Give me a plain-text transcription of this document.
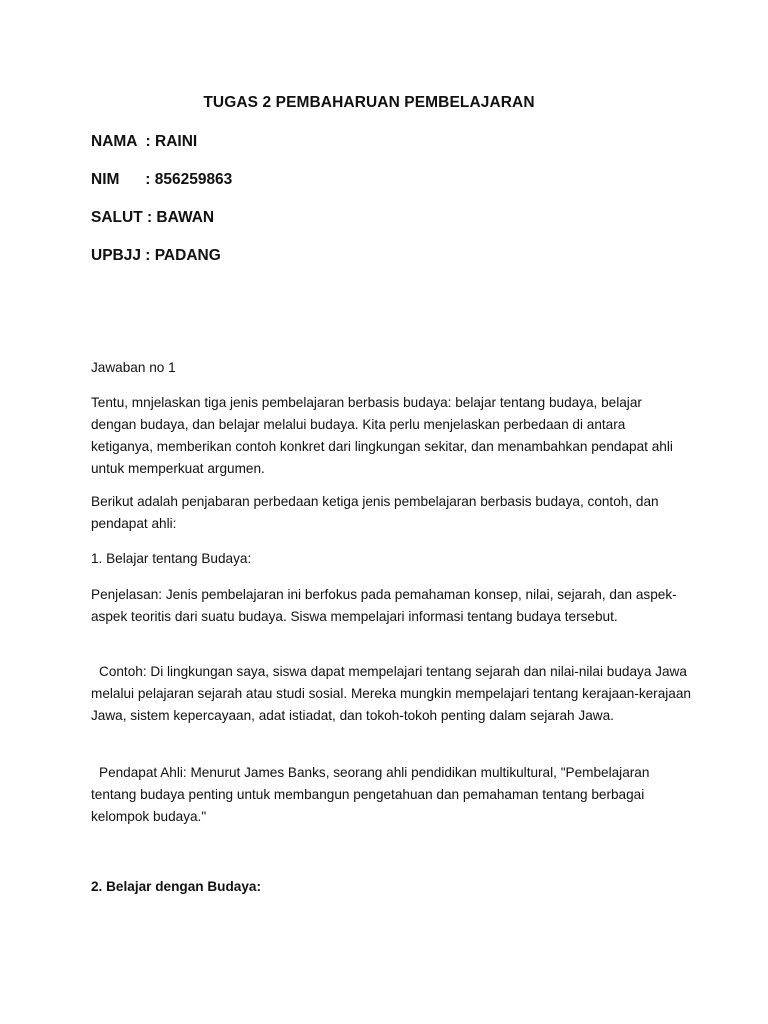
TUGAS 2 PEMBAHARUAN PEMBELAJARAN
NAMA  : RAINI
NIM      : 856259863
SALUT : BAWAN
UPBJJ : PADANG

Jawaban no 1

Tentu, mnjelaskan tiga jenis pembelajaran berbasis budaya: belajar tentang budaya, belajar dengan budaya, dan belajar melalui budaya. Kita perlu menjelaskan perbedaan di antara ketiganya, memberikan contoh konkret dari lingkungan sekitar, dan menambahkan pendapat ahli untuk memperkuat argumen.

Berikut adalah penjabaran perbedaan ketiga jenis pembelajaran berbasis budaya, contoh, dan pendapat ahli:

1. Belajar tentang Budaya:

Penjelasan: Jenis pembelajaran ini berfokus pada pemahaman konsep, nilai, sejarah, dan aspek-aspek teoritis dari suatu budaya. Siswa mempelajari informasi tentang budaya tersebut.

Contoh: Di lingkungan saya, siswa dapat mempelajari tentang sejarah dan nilai-nilai budaya Jawa melalui pelajaran sejarah atau studi sosial. Mereka mungkin mempelajari tentang kerajaan-kerajaan Jawa, sistem kepercayaan, adat istiadat, dan tokoh-tokoh penting dalam sejarah Jawa.

Pendapat Ahli: Menurut James Banks, seorang ahli pendidikan multikultural, "Pembelajaran tentang budaya penting untuk membangun pengetahuan dan pemahaman tentang berbagai kelompok budaya."

2. Belajar dengan Budaya:
